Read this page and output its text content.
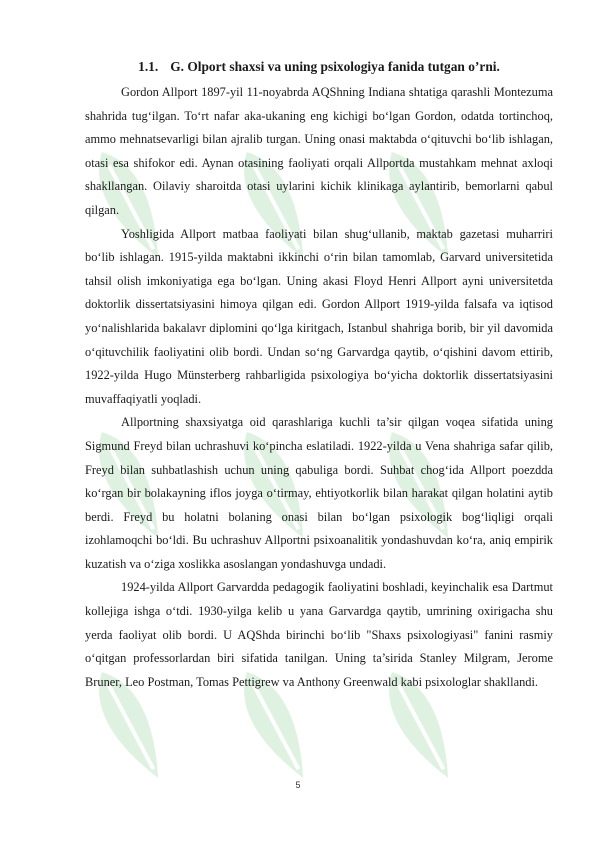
1.1. G. Olport shaxsi va uning psixologiya fanida tutgan o’rni.

Gordon Allport 1897-yil 11-noyabrda AQShning Indiana shtatiga qarashli Montezuma shahrida tug‘ilgan. To‘rt nafar aka-ukaning eng kichigi bo‘lgan Gordon, odatda tortinchoq, ammo mehnatsevarligi bilan ajralib turgan. Uning onasi maktabda o‘qituvchi bo‘lib ishlagan, otasi esa shifokor edi. Aynan otasining faoliyati orqali Allportda mustahkam mehnat axloqi shakllangan. Oilaviy sharoitda otasi uylarini kichik klinikaga aylantirib, bemorlarni qabul qilgan.

Yoshligida Allport matbaa faoliyati bilan shug‘ullanib, maktab gazetasi muharriri bo‘lib ishlagan. 1915-yilda maktabni ikkinchi o‘rin bilan tamomlab, Garvard universitetida tahsil olish imkoniyatiga ega bo‘lgan. Uning akasi Floyd Henri Allport ayni universitetda doktorlik dissertatsiyasini himoya qilgan edi. Gordon Allport 1919-yilda falsafa va iqtisod yo‘nalishlarida bakalavr diplomini qo‘lga kiritgach, Istanbul shahriga borib, bir yil davomida o‘qituvchilik faoliyatini olib bordi. Undan so‘ng Garvardga qaytib, o‘qishini davom ettirib, 1922-yilda Hugo Münsterberg rahbarligida psixologiya bo‘yicha doktorlik dissertatsiyasini muvaffaqiyatli yoqladi.

Allportning shaxsiyatga oid qarashlariga kuchli ta’sir qilgan voqea sifatida uning Sigmund Freyd bilan uchrashuvi ko‘pincha eslatiladi. 1922-yilda u Vena shahriga safar qilib, Freyd bilan suhbatlashish uchun uning qabuliga bordi. Suhbat chog‘ida Allport poezdda ko‘rgan bir bolakayning iflos joyga o‘tirmay, ehtiyotkorlik bilan harakat qilgan holatini aytib berdi. Freyd bu holatni bolaning onasi bilan bo‘lgan psixologik bog‘liqligi orqali izohlamoqchi bo‘ldi. Bu uchrashuv Allportni psixoanalitik yondashuvdan ko‘ra, aniq empirik kuzatish va o‘ziga xoslikka asoslangan yondashuvga undadi.

1924-yilda Allport Garvardda pedagogik faoliyatini boshladi, keyinchalik esa Dartmut kollejiga ishga o‘tdi. 1930-yilga kelib u yana Garvardga qaytib, umrining oxirigacha shu yerda faoliyat olib bordi. U AQShda birinchi bo‘lib "Shaxs psixologiyasi" fanini rasmiy o‘qitgan professorlardan biri sifatida tanilgan. Uning ta’sirida Stanley Milgram, Jerome Bruner, Leo Postman, Tomas Pettigrew va Anthony Greenwald kabi psixologlar shakllandi.

5
